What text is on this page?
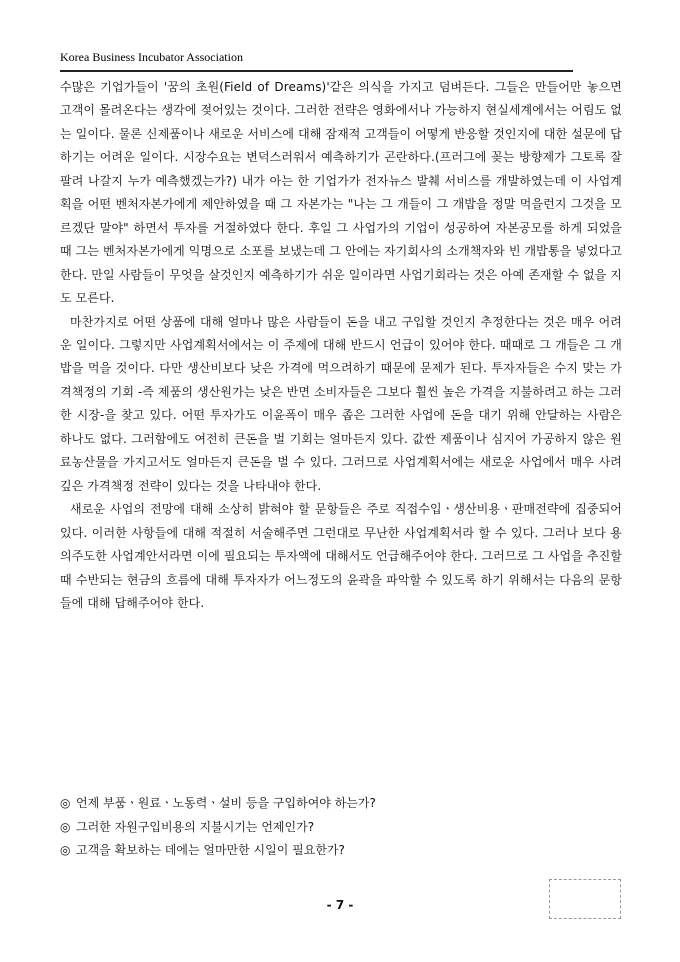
Korea Business Incubator Association

수많은 기업가들이 '꿈의 초원(Field of Dreams)'같은 의식을 가지고 덤벼든다. 그들은 만들어만 놓으면 고객이 몰려온다는 생각에 젖어있는 것이다. 그러한 전략은 영화에서나 가능하지 현실세계에서는 어림도 없는 일이다. 물론 신제품이나 새로운 서비스에 대해 잠재적 고객들이 어떻게 반응할 것인지에 대한 설문에 답하기는 어려운 일이다. 시장수요는 변덕스러워서 예측하기가 곤란하다.(프러그에 꽂는 방향제가 그토록 잘팔려 나갈지 누가 예측했겠는가?) 내가 아는 한 기업가가 전자뉴스 발췌 서비스를 개발하였는데 이 사업계획을 어떤 벤처자본가에게 제안하였을 때 그 자본가는 "나는 그 개들이 그 개밥을 정말 먹을런지 그것을 모르겠단 말야" 하면서 투자를 거절하였다 한다. 후일 그 사업가의 기업이 성공하여 자본공모를 하게 되었을 때 그는 벤처자본가에게 익명으로 소포를 보냈는데 그 안에는 자기회사의 소개책자와 빈 개밥통을 넣었다고 한다. 만일 사람들이 무엇을 살것인지 예측하기가 쉬운 일이라면 사업기회라는 것은 아예 존재할 수 없을 지도 모른다.

마찬가지로 어떤 상품에 대해 얼마나 많은 사람들이 돈을 내고 구입할 것인지 추정한다는 것은 매우 어려운 일이다. 그렇지만 사업계획서에서는 이 주제에 대해 반드시 언급이 있어야 한다. 때때로 그 개들은 그 개밥을 먹을 것이다. 다만 생산비보다 낮은 가격에 먹으려하기 때문에 문제가 된다. 투자자들은 수지 맞는 가격책정의 기회 -즉 제품의 생산원가는 낮은 반면 소비자들은 그보다 훨씬 높은 가격을 지불하려고 하는 그러한 시장-을 찾고 있다. 어떤 투자가도 이윤폭이 매우 좁은 그러한 사업에 돈을 대기 위해 안달하는 사람은 하나도 없다. 그러함에도 여전히 큰돈을 벌 기회는 얼마든지 있다. 값싼 제품이나 심지어 가공하지 않은 원료농산물을 가지고서도 얼마든지 큰돈을 벌 수 있다. 그러므로 사업계획서에는 새로운 사업에서 매우 사려깊은 가격책정 전략이 있다는 것을 나타내야 한다.

새로운 사업의 전망에 대해 소상히 밝혀야 할 문항들은 주로 직접수입ㆍ생산비용ㆍ판매전략에 집중되어 있다. 이러한 사항들에 대해 적절히 서술해주면 그런대로 무난한 사업계획서라 할 수 있다. 그러나 보다 용의주도한 사업계안서라면 이에 필요되는 투자액에 대해서도 언급해주어야 한다. 그러므로 그 사업을 추진할때 수반되는 현금의 흐름에 대해 투자자가 어느정도의 윤곽을 파악할 수 있도록 하기 위해서는 다음의 문항들에 대해 답해주어야 한다.

◎ 언제 부품ㆍ원료ㆍ노동력ㆍ설비 등을 구입하여야 하는가?
◎ 그러한 자원구입비용의 지불시기는 언제인가?
◎ 고객을 확보하는 데에는 얼마만한 시일이 필요한가?
- 7 -
